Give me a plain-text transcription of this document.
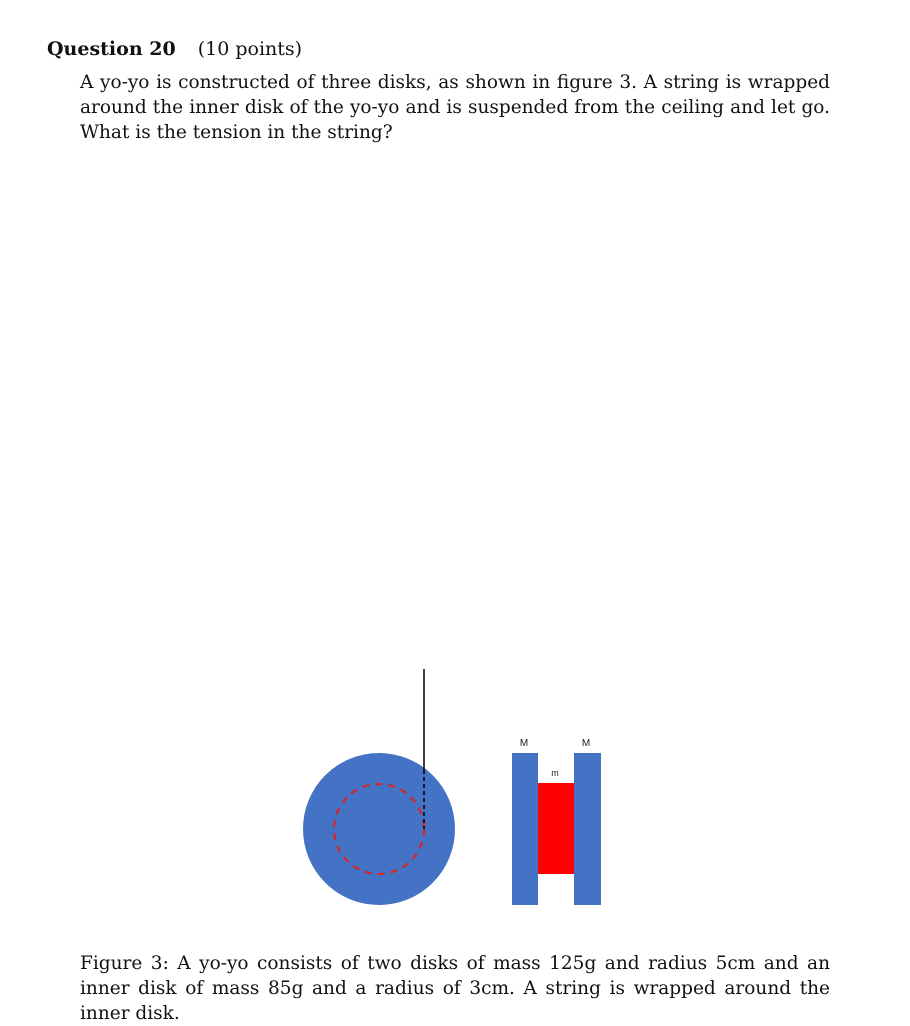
Question 20 (10 points)
A yo-yo is constructed of three disks, as shown in figure 3. A string is wrapped around the inner disk of the yo-yo and is suspended from the ceiling and let go. What is the tension in the string?
M	M
m
Figure 3: A yo-yo consists of two disks of mass 125g and radius 5cm and an inner disk of mass 85g and a radius of 3cm. A string is wrapped around the inner disk.
